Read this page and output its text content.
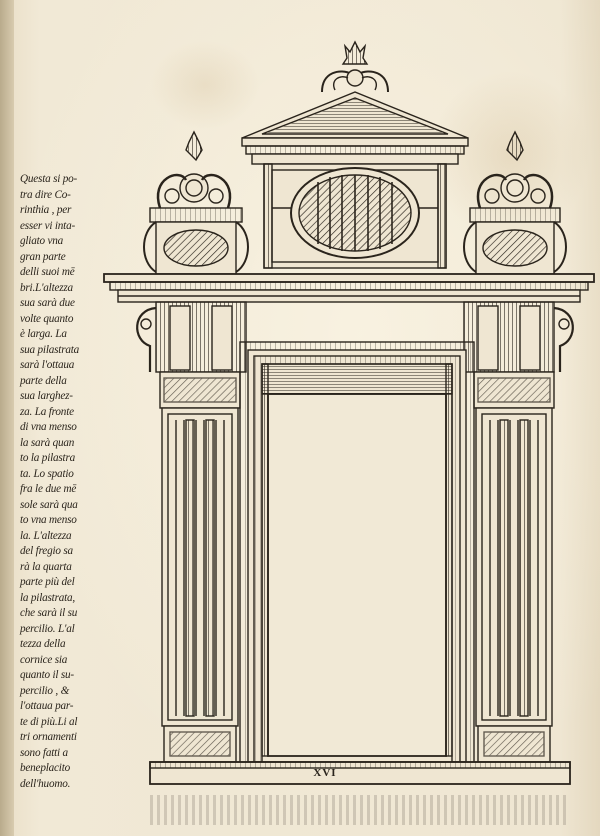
Questa si po-
tra dire Co-
rinthia , per
esser vi inta-
gliato vna
gran parte
delli suoi mē
bri.L'altezza
sua sarà due
volte quanto
è larga. La
sua pilastrata
sarà l'ottaua
parte della
sua larghez-
za. La fronte
di vna menso
la sarà quan
to la pilastra
ta. Lo spatio
fra le due mē
sole sarà qua
to vna menso
la. L'altezza
del fregio sa
rà la quarta
parte più del
la pilastrata,
che sarà il su
percilio. L'al
tezza della
cornice sia
quanto il su-
percilio , &
l'ottaua par-
te di più.Li al
tri ornamenti
sono fatti a
beneplacito
dell'huomo.
XVI
